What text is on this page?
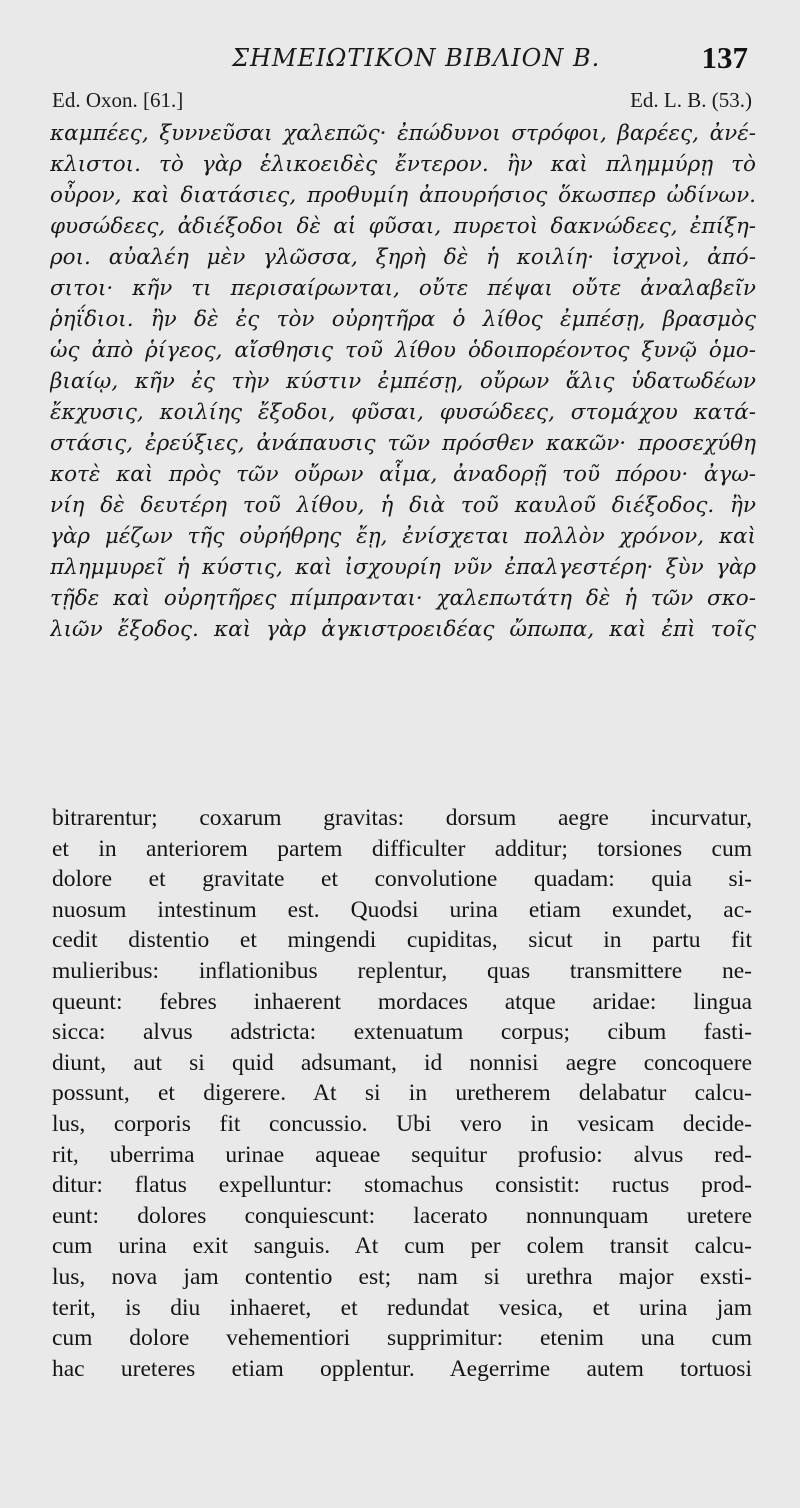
ΣΗΜΕΙΩΤΙΚΟΝ ΒΙΒΛΙΟΝ Β.	137
Ed. Oxon. [61.]	Ed. L. B. (53.)
καμπέες, ξυννεῦσαι χαλεπῶς· ἐπώδυνοι στρόφοι, βαρέες, ἀνέ-
κλιστοι. τὸ γὰρ ἑλικοειδὲς ἔντερον. ἢν καὶ πλημμύρῃ τὸ
οὖρον, καὶ διατάσιες, προθυμίη ἀπουρήσιος ὅκωσπερ ὠδίνων.
φυσώδεες, ἀδιέξοδοι δὲ αἱ φῦσαι, πυρετοὶ δακνώδεες, ἐπίξη-
ροι. αὐαλέη μὲν γλῶσσα, ξηρὴ δὲ ἡ κοιλίη· ἰσχνοὶ, ἀπό-
σιτοι· κῆν τι περισαίρωνται, οὔτε πέψαι οὔτε ἀναλαβεῖν
ῥηΐδιοι. ἢν δὲ ἐς τὸν οὐρητῆρα ὁ λίθος ἐμπέσῃ, βρασμὸς
ὡς ἀπὸ ῥίγεος, αἴσθησις τοῦ λίθου ὁδοιπορέοντος ξυνῷ ὁμο-
βιαίῳ, κῆν ἐς τὴν κύστιν ἐμπέσῃ, οὔρων ἅλις ὑδατωδέων
ἔκχυσις, κοιλίης ἔξοδοι, φῦσαι, φυσώδεες, στομάχου κατά-
στάσις, ἐρεύξιες, ἀνάπαυσις τῶν πρόσθεν κακῶν· προσεχύθη
κοτὲ καὶ πρὸς τῶν οὔρων αἷμα, ἀναδορῇ τοῦ πόρου· ἀγω-
νίη δὲ δευτέρη τοῦ λίθου, ἡ διὰ τοῦ καυλοῦ διέξοδος. ἢν
γὰρ μέζων τῆς οὐρήθρης ἔῃ, ἐνίσχεται πολλὸν χρόνον, καὶ
πλημμυρεῖ ἡ κύστις, καὶ ἰσχουρίη νῦν ἐπαλγεστέρη· ξὺν γὰρ
τῇδε καὶ οὐρητῆρες πίμπρανται· χαλεπωτάτη δὲ ἡ τῶν σκο-
λιῶν ἔξοδος. καὶ γὰρ ἀγκιστροειδέας ὤπωπα, καὶ ἐπὶ τοῖς
bitrarentur; coxarum gravitas: dorsum aegre incurvatur,
et in anteriorem partem difficulter additur; torsiones cum
dolore et gravitate et convolutione quadam: quia si-
nuosum intestinum est. Quodsi urina etiam exundet, ac-
cedit distentio et mingendi cupiditas, sicut in partu fit
mulieribus: inflationibus replentur, quas transmittere ne-
queunt: febres inhaerent mordaces atque aridae: lingua
sicca: alvus adstricta: extenuatum corpus; cibum fasti-
diunt, aut si quid adsumant, id nonnisi aegre concoquere
possunt, et digerere. At si in uretherem delabatur calcu-
lus, corporis fit concussio. Ubi vero in vesicam decide-
rit, uberrima urinae aqueae sequitur profusio: alvus red-
ditur: flatus expelluntur: stomachus consistit: ructus prod-
eunt: dolores conquiescunt: lacerato nonnunquam uretere
cum urina exit sanguis. At cum per colem transit calcu-
lus, nova jam contentio est; nam si urethra major exsti-
terit, is diu inhaeret, et redundat vesica, et urina jam
cum dolore vehementiori supprimitur: etenim una cum
hac ureteres etiam opplentur. Aegerrime autem tortuosi
